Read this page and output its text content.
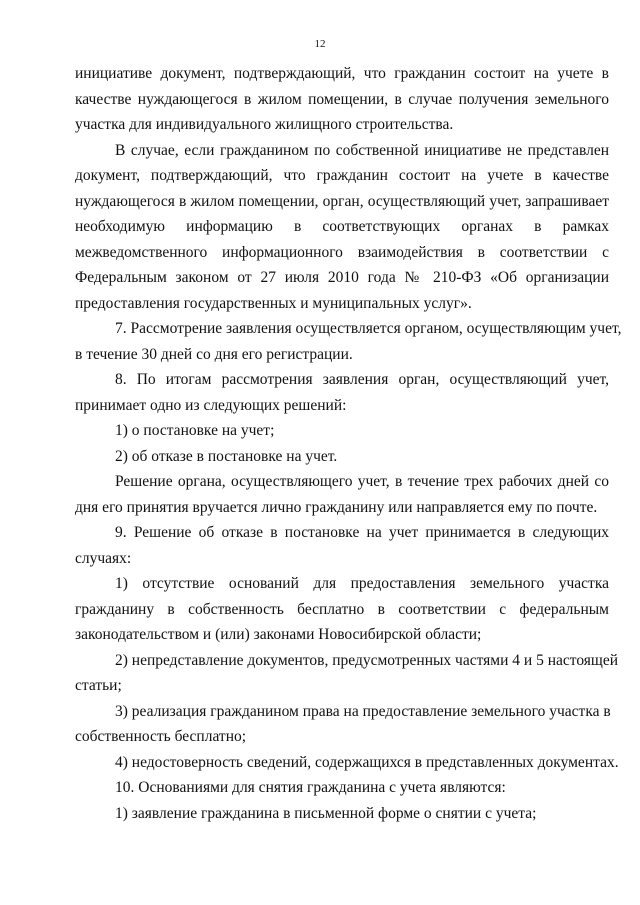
12
инициативе документ, подтверждающий, что гражданин состоит на учете в
качестве нуждающегося в жилом помещении, в случае получения земельного
участка для индивидуального жилищного строительства.
В случае, если гражданином по собственной инициативе не представлен
документ, подтверждающий, что гражданин состоит на учете в качестве
нуждающегося в жилом помещении, орган, осуществляющий учет, запрашивает
необходимую информацию в соответствующих органах в рамках
межведомственного информационного взаимодействия в соответствии с
Федеральным законом от 27 июля 2010 года № 210-ФЗ «Об организации
предоставления государственных и муниципальных услуг».
7. Рассмотрение заявления осуществляется органом, осуществляющим учет,
в течение 30 дней со дня его регистрации.
8. По итогам рассмотрения заявления орган, осуществляющий учет,
принимает одно из следующих решений:
1) о постановке на учет;
2) об отказе в постановке на учет.
Решение органа, осуществляющего учет, в течение трех рабочих дней со
дня его принятия вручается лично гражданину или направляется ему по почте.
9. Решение об отказе в постановке на учет принимается в следующих
случаях:
1) отсутствие оснований для предоставления земельного участка
гражданину в собственность бесплатно в соответствии с федеральным
законодательством и (или) законами Новосибирской области;
2) непредставление документов, предусмотренных частями 4 и 5 настоящей
статьи;
3) реализация гражданином права на предоставление земельного участка в
собственность бесплатно;
4) недостоверность сведений, содержащихся в представленных документах.
10. Основаниями для снятия гражданина с учета являются:
1) заявление гражданина в письменной форме о снятии с учета;
